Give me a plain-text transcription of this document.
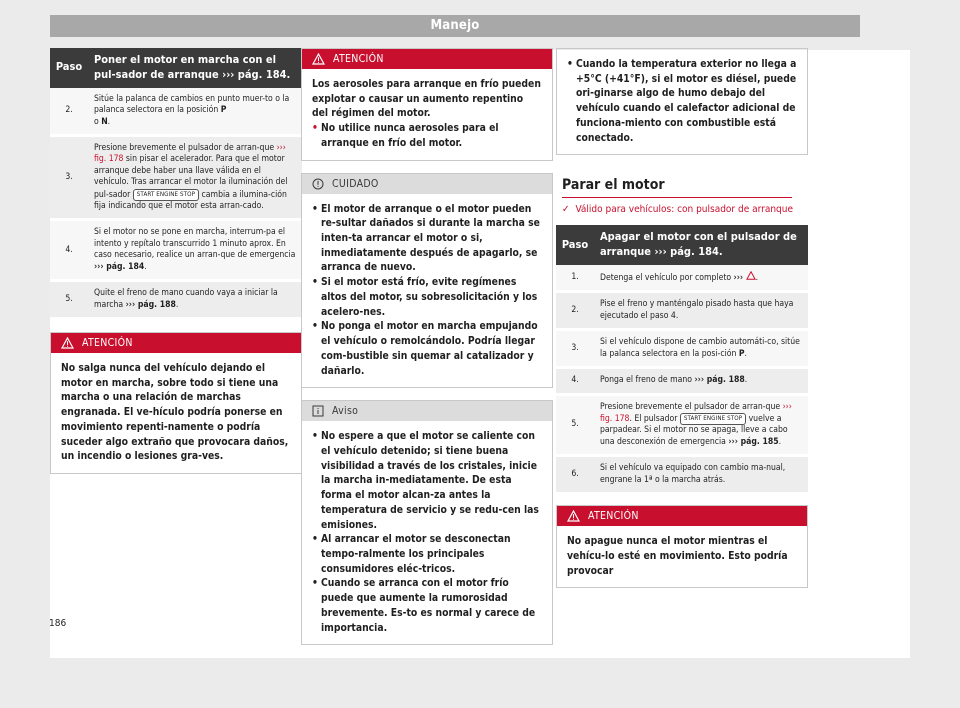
Manejo
Paso	Poner el motor en marcha con el pul-sador de arranque ››› pág. 184.
2.	Sitúe la palanca de cambios en punto muer-to o la palanca selectora en la posición P
o N.
3.	Presione brevemente el pulsador de arran-que ››› fig. 178 sin pisar el acelerador. Para que el motor arranque debe haber una llave válida en el vehículo. Tras arrancar el motor la iluminación del pul-sador START ENGINE STOP cambia a ilumina-ción fija indicando que el motor esta arran-cado.
4.	Si el motor no se pone en marcha, interrum-pa el intento y repítalo transcurrido 1 minuto aprox. En caso necesario, realice un arran-que de emergencia ››› pág. 184.
5.	Quite el freno de mano cuando vaya a iniciar la marcha ››› pág. 188.
ATENCIÓN

No salga nunca del vehículo dejando el motor en marcha, sobre todo si tiene una marcha o una relación de marchas engranada. El ve-hículo podría ponerse en movimiento repenti-namente o podría suceder algo extraño que provocara daños, un incendio o lesiones gra-ves.

ATENCIÓN

Los aerosoles para arranque en frío pueden explotar o causar un aumento repentino del régimen del motor.

• No utilice nunca aerosoles para el arranque en frío del motor.
CUIDADO
• El motor de arranque o el motor pueden re-sultar dañados si durante la marcha se inten-ta arrancar el motor o si, inmediatamente después de apagarlo, se arranca de nuevo.
• Si el motor está frío, evite regímenes altos del motor, su sobresolicitación y los acelero-nes.
• No ponga el motor en marcha empujando el vehículo o remolcándolo. Podría llegar com-bustible sin quemar al catalizador y dañarlo.
Aviso
• No espere a que el motor se caliente con el vehículo detenido; si tiene buena visibilidad a través de los cristales, inicie la marcha in-mediatamente. De esta forma el motor alcan-za antes la temperatura de servicio y se redu-cen las emisiones.
• Al arrancar el motor se desconectan tempo-ralmente los principales consumidores eléc-tricos.
• Cuando se arranca con el motor frío puede que aumente la rumorosidad brevemente. Es-to es normal y carece de importancia.
• Cuando la temperatura exterior no llega a +5°C (+41°F), si el motor es diésel, puede ori-ginarse algo de humo debajo del vehículo cuando el calefactor adicional de funciona-miento con combustible está conectado.
Parar el motor
✓ Válido para vehículos: con pulsador de arranque
Paso	Apagar el motor con el pulsador de arranque ››› pág. 184.
1.	Detenga el vehículo por completo ››› .
2.	Pise el freno y manténgalo pisado hasta que haya ejecutado el paso 4.
3.	Si el vehículo dispone de cambio automáti-co, sitúe la palanca selectora en la posi-ción P.
4.	Ponga el freno de mano ››› pág. 188.
5.	Presione brevemente el pulsador de arran-que ››› fig. 178. El pulsador START ENGINE STOP vuelve a parpadear. Si el motor no se apaga, lleve a cabo una desconexión de emergencia ››› pág. 185.
6.	Si el vehículo va equipado con cambio ma-nual, engrane la 1ª o la marcha atrás.
ATENCIÓN

No apague nunca el motor mientras el vehícu-lo esté en movimiento. Esto podría provocar

186
